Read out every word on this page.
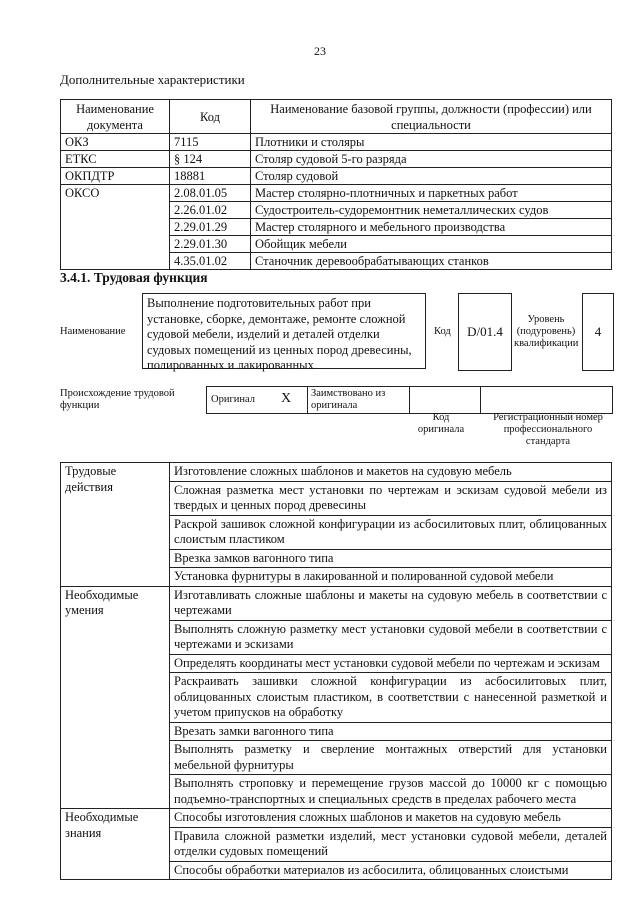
23
Дополнительные характеристики
Наименование документа	Код	Наименование базовой группы, должности (профессии) или специальности
ОКЗ	7115	Плотники и столяры
ЕТКС	§ 124	Столяр судовой 5-го разряда
ОКПДТР	18881	Столяр судовой
ОКСО	2.08.01.05	Мастер столярно-плотничных и паркетных работ
	2.26.01.02	Судостроитель-судоремонтник неметаллических судов
	2.29.01.29	Мастер столярного и мебельного производства
	2.29.01.30	Обойщик мебели
	4.35.01.02	Станочник деревообрабатывающих станков
3.4.1. Трудовая функция
Наименование
Выполнение подготовительных работ при установке, сборке, демонтаже, ремонте сложной судовой мебели, изделий и деталей отделки судовых помещений из ценных пород древесины, полированных и лакированных
Код	D/01.4
Уровень (подуровень) квалификации
4
Происхождение трудовой функции
Оригинал X Заимствовано из оригинала
Код оригинала
Регистрационный номер профессионального стандарта
Трудовые действия	Изготовление сложных шаблонов и макетов на судовую мебель
	Сложная разметка мест установки по чертежам и эскизам судовой мебели из твердых и ценных пород древесины
	Раскрой зашивок сложной конфигурации из асбосилитовых плит, облицованных слоистым пластиком
	Врезка замков вагонного типа
	Установка фурнитуры в лакированной и полированной судовой мебели
Необходимые умения	Изготавливать сложные шаблоны и макеты на судовую мебель в соответствии с чертежами
	Выполнять сложную разметку мест установки судовой мебели в соответствии с чертежами и эскизами
	Определять координаты мест установки судовой мебели по чертежам и эскизам
	Раскраивать зашивки сложной конфигурации из асбосилитовых плит, облицованных слоистым пластиком, в соответствии с нанесенной разметкой и учетом припусков на обработку
	Врезать замки вагонного типа
	Выполнять разметку и сверление монтажных отверстий для установки мебельной фурнитуры
	Выполнять строповку и перемещение грузов массой до 10000 кг с помощью подъемно-транспортных и специальных средств в пределах рабочего места
Необходимые знания	Способы изготовления сложных шаблонов и макетов на судовую мебель
	Правила сложной разметки изделий, мест установки судовой мебели, деталей отделки судовых помещений
	Способы обработки материалов из асбосилита, облицованных слоистыми
